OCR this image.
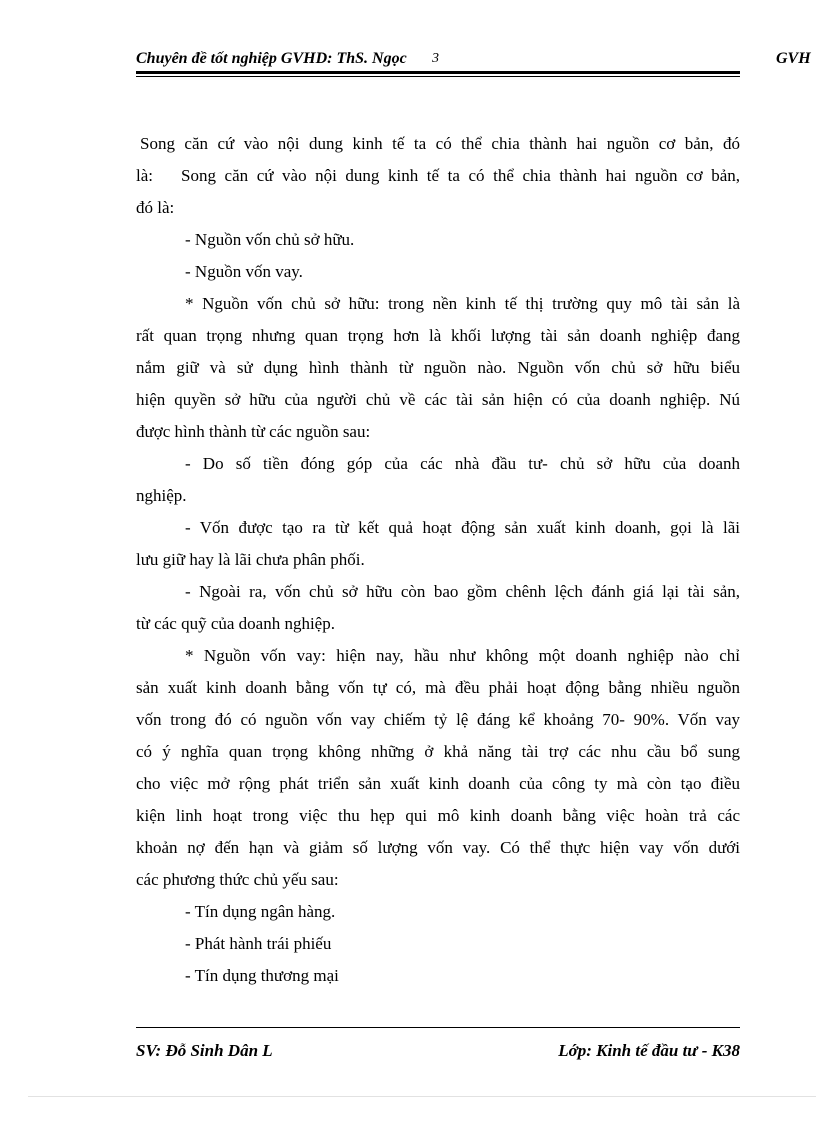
Chuyên đề tốt nghiệp GVHD: ThS. Ngọc 3	GVH
Song căn cứ vào nội dung kinh tế ta có thể chia thành hai nguồn cơ bản, đó
là: Song căn cứ vào nội dung kinh tế ta có thể chia thành hai nguồn cơ bản,
đó là:
- Nguồn vốn chủ sở hữu.
- Nguồn vốn vay.
* Nguồn vốn chủ sở hữu: trong nền kinh tế thị trường quy mô tài sản là
rất quan trọng nhưng quan trọng hơn là khối lượng tài sản doanh nghiệp đang
nắm giữ và sử dụng hình thành từ nguồn nào. Nguồn vốn chủ sở hữu biểu
hiện quyền sở hữu của người chủ về các tài sản hiện có của doanh nghiệp. Nú
được hình thành từ các nguồn sau:
- Do số tiền đóng góp của các nhà đầu tư- chủ sở hữu của doanh
nghiệp.
- Vốn được tạo ra từ kết quả hoạt động sản xuất kinh doanh, gọi là lãi
lưu giữ hay là lãi chưa phân phối.
- Ngoài ra, vốn chủ sở hữu còn bao gồm chênh lệch đánh giá lại tài sản,
từ các quỹ của doanh nghiệp.
* Nguồn vốn vay: hiện nay, hầu như không một doanh nghiệp nào chỉ
sản xuất kinh doanh bằng vốn tự có, mà đều phải hoạt động bằng nhiều nguồn
vốn trong đó có nguồn vốn vay chiếm tỷ lệ đáng kể khoảng 70- 90%. Vốn vay
có ý nghĩa quan trọng không những ở khả năng tài trợ các nhu cầu bổ sung
cho việc mở rộng phát triển sản xuất kinh doanh của công ty mà còn tạo điều
kiện linh hoạt trong việc thu hẹp qui mô kinh doanh bằng việc hoàn trả các
khoản nợ đến hạn và giảm số lượng vốn vay. Có thể thực hiện vay vốn dưới
các phương thức chủ yếu sau:
- Tín dụng ngân hàng.
- Phát hành trái phiếu
- Tín dụng thương mại
SV: Đỗ Sinh Dân L	Lớp: Kinh tế đầu tư - K38
